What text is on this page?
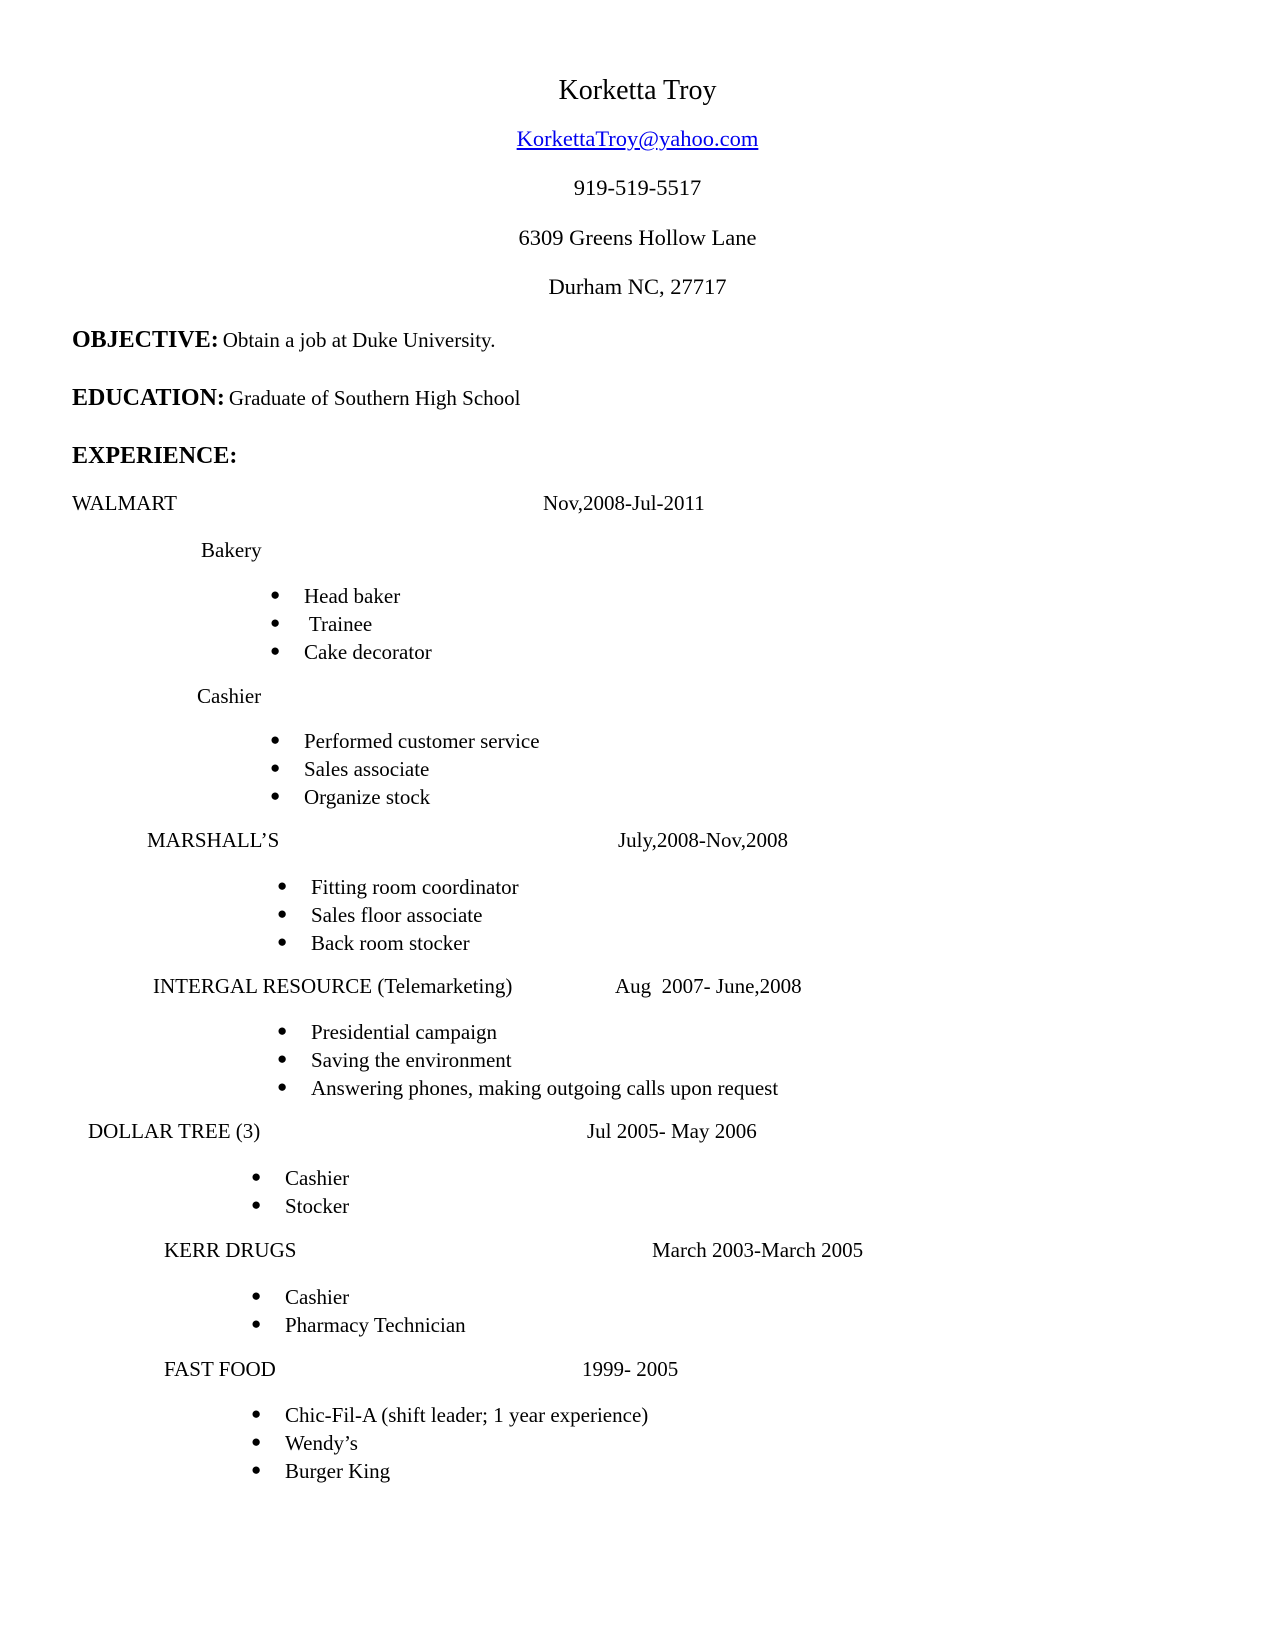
Korketta Troy
KorkettaTroy@yahoo.com
919-519-5517
6309 Greens Hollow Lane
Durham NC, 27717
OBJECTIVE: Obtain a job at Duke University.
EDUCATION: Graduate of Southern High School
EXPERIENCE:
WALMART	Nov,2008-Jul-2011
Bakery
● Head baker
● Trainee
● Cake decorator
Cashier
● Performed customer service
● Sales associate
● Organize stock
MARSHALL’S	July,2008-Nov,2008
● Fitting room coordinator
● Sales floor associate
● Back room stocker
INTERGAL RESOURCE (Telemarketing)	Aug  2007- June,2008
● Presidential campaign
● Saving the environment
● Answering phones, making outgoing calls upon request
DOLLAR TREE (3)	Jul 2005- May 2006
● Cashier
● Stocker
KERR DRUGS	March 2003-March 2005
● Cashier
● Pharmacy Technician
FAST FOOD	1999- 2005
● Chic-Fil-A (shift leader; 1 year experience)
● Wendy’s
● Burger King
